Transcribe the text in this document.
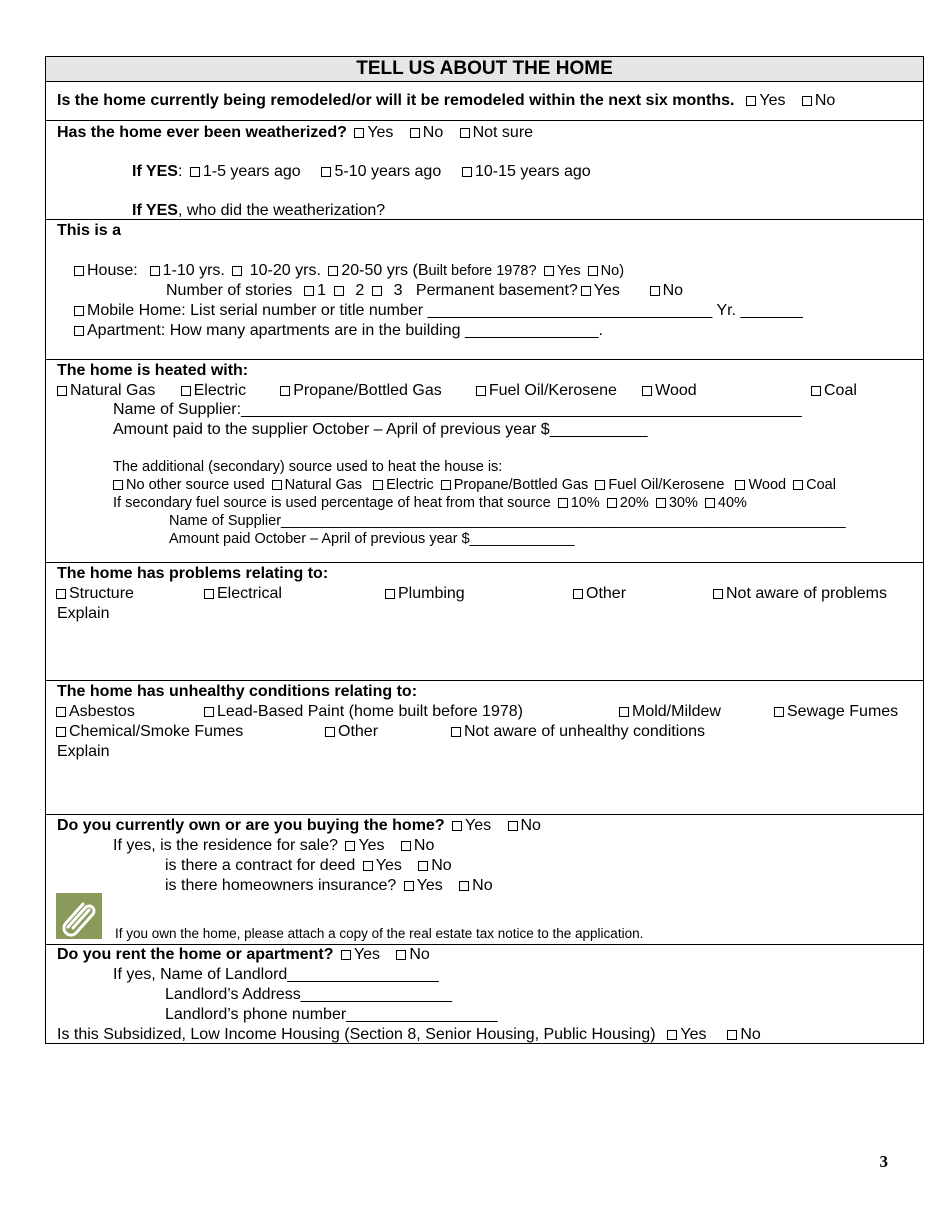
TELL US ABOUT THE HOME
Is the home currently being remodeled/or will it be remodeled within the next six months. Yes No
Has the home ever been weatherized? Yes No Not sure
If YES: 1-5 years ago 5-10 years ago 10-15 years ago
If YES, who did the weatherization?
This is a
House: 1-10 yrs. 10-20 yrs. 20-50 yrs (Built before 1978? Yes No)
Number of stories 1 2 3 Permanent basement? Yes	No
Mobile Home: List serial number or title number ________________________________ Yr. _______
Apartment: How many apartments are in the building _______________.
The home is heated with:
Natural Gas Electric	Propane/Bottled Gas	Fuel Oil/Kerosene Wood	Coal
Name of Supplier:_______________________________________________________________
Amount paid to the supplier October – April of previous year $___________
The additional (secondary) source used to heat the house is:
No other source used Natural Gas Electric Propane/Bottled Gas Fuel Oil/Kerosene Wood Coal
If secondary fuel source is used percentage of heat from that source 10% 20% 30% 40%
Name of Supplier______________________________________________________________________
Amount paid October – April of previous year $_____________
The home has problems relating to:
Structure	Electrical	Plumbing	Other	Not aware of problems
Explain
The home has unhealthy conditions relating to:
Asbestos	Lead-Based Paint (home built before 1978)	Mold/Mildew	Sewage Fumes
Chemical/Smoke Fumes	Other	Not aware of unhealthy conditions
Explain
Do you currently own or are you buying the home? Yes No
If yes, is the residence for sale? Yes No
is there a contract for deed Yes No
is there homeowners insurance? Yes No
If you own the home, please attach a copy of the real estate tax notice to the application.
Do you rent the home or apartment? Yes No
If yes, Name of Landlord_________________
Landlord’s Address_________________
Landlord’s phone number_________________
Is this Subsidized, Low Income Housing (Section 8, Senior Housing, Public Housing) Yes No
3
